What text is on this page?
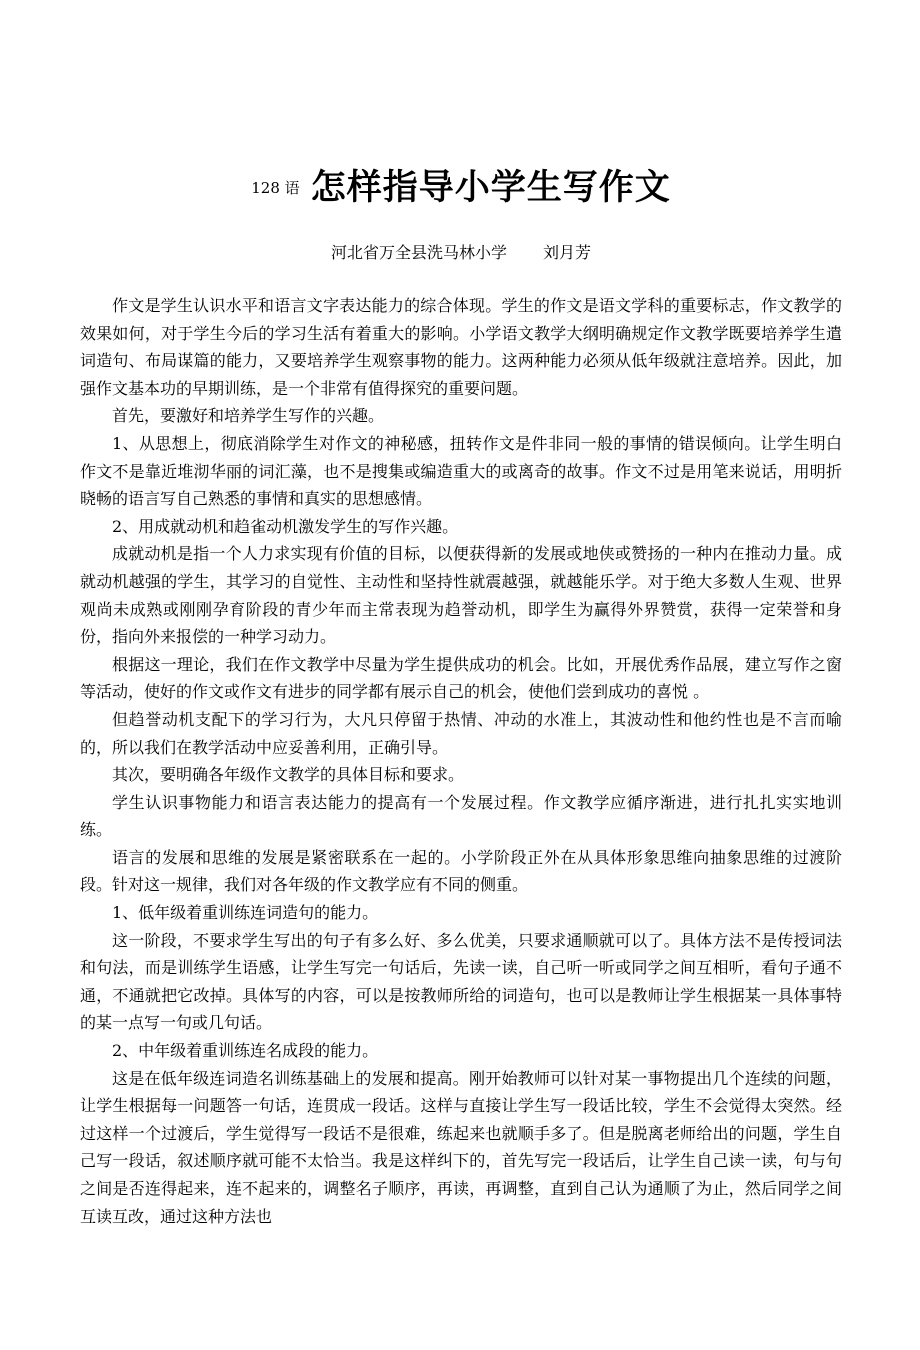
128 语 怎样指导小学生写作文
河北省万全县洗马林小学 刘月芳

作文是学生认识水平和语言文字表达能力的综合体现。学生的作文是语文学科的重要标志，作文教学的效果如何，对于学生今后的学习生活有着重大的影响。小学语文教学大纲明确规定作文教学既要培养学生遣词造句、布局谋篇的能力，又要培养学生观察事物的能力。这两种能力必须从低年级就注意培养。因此，加强作文基本功的早期训练，是一个非常有值得探究的重要问题。

首先，要激好和培养学生写作的兴趣。

1、从思想上，彻底消除学生对作文的神秘感，扭转作文是件非同一般的事情的错误倾向。让学生明白作文不是靠近堆沏华丽的词汇藻，也不是搜集或编造重大的或离奇的故事。作文不过是用笔来说话，用明折晓畅的语言写自己熟悉的事情和真实的思想感情。

2、用成就动机和趋雀动机激发学生的写作兴趣。

成就动机是指一个人力求实现有价值的目标，以便获得新的发展或地侠或赞扬的一种内在推动力量。成就动机越强的学生，其学习的自觉性、主动性和坚持性就震越强，就越能乐学。对于绝大多数人生观、世界观尚未成熟或刚刚孕育阶段的青少年而主常表现为趋誉动机，即学生为赢得外界赞赏，获得一定荣誉和身份，指向外来报偿的一种学习动力。

根据这一理论，我们在作文教学中尽量为学生提供成功的机会。比如，开展优秀作品展，建立写作之窗等活动，使好的作文或作文有进步的同学都有展示自己的机会，使他们尝到成功的喜悦 。

但趋誉动机支配下的学习行为，大凡只停留于热情、冲动的水准上，其波动性和他约性也是不言而喻的，所以我们在教学活动中应妥善利用，正确引导。

其次，要明确各年级作文教学的具体目标和要求。

学生认识事物能力和语言表达能力的提高有一个发展过程。作文教学应循序渐进，进行扎扎实实地训练。

语言的发展和思维的发展是紧密联系在一起的。小学阶段正外在从具体形象思维向抽象思维的过渡阶段。针对这一规律，我们对各年级的作文教学应有不同的侧重。

1、低年级着重训练连词造句的能力。

这一阶段，不要求学生写出的句子有多么好、多么优美，只要求通顺就可以了。具体方法不是传授词法和句法，而是训练学生语感，让学生写完一句话后，先读一读，自己听一听或同学之间互相听，看句子通不通，不通就把它改掉。具体写的内容，可以是按教师所给的词造句，也可以是教师让学生根据某一具体事特的某一点写一句或几句话。

2、中年级着重训练连名成段的能力。

这是在低年级连词造名训练基础上的发展和提高。刚开始教师可以针对某一事物提出几个连续的问题，让学生根据每一问题答一句话，连贯成一段话。这样与直接让学生写一段话比较，学生不会觉得太突然。经过这样一个过渡后，学生觉得写一段话不是很难，练起来也就顺手多了。但是脱离老师给出的问题，学生自己写一段话，叙述顺序就可能不太恰当。我是这样纠下的，首先写完一段话后，让学生自己读一读，句与句之间是否连得起来，连不起来的，调整名子顺序，再读，再调整，直到自己认为通顺了为止，然后同学之间互读互改，通过这种方法也
